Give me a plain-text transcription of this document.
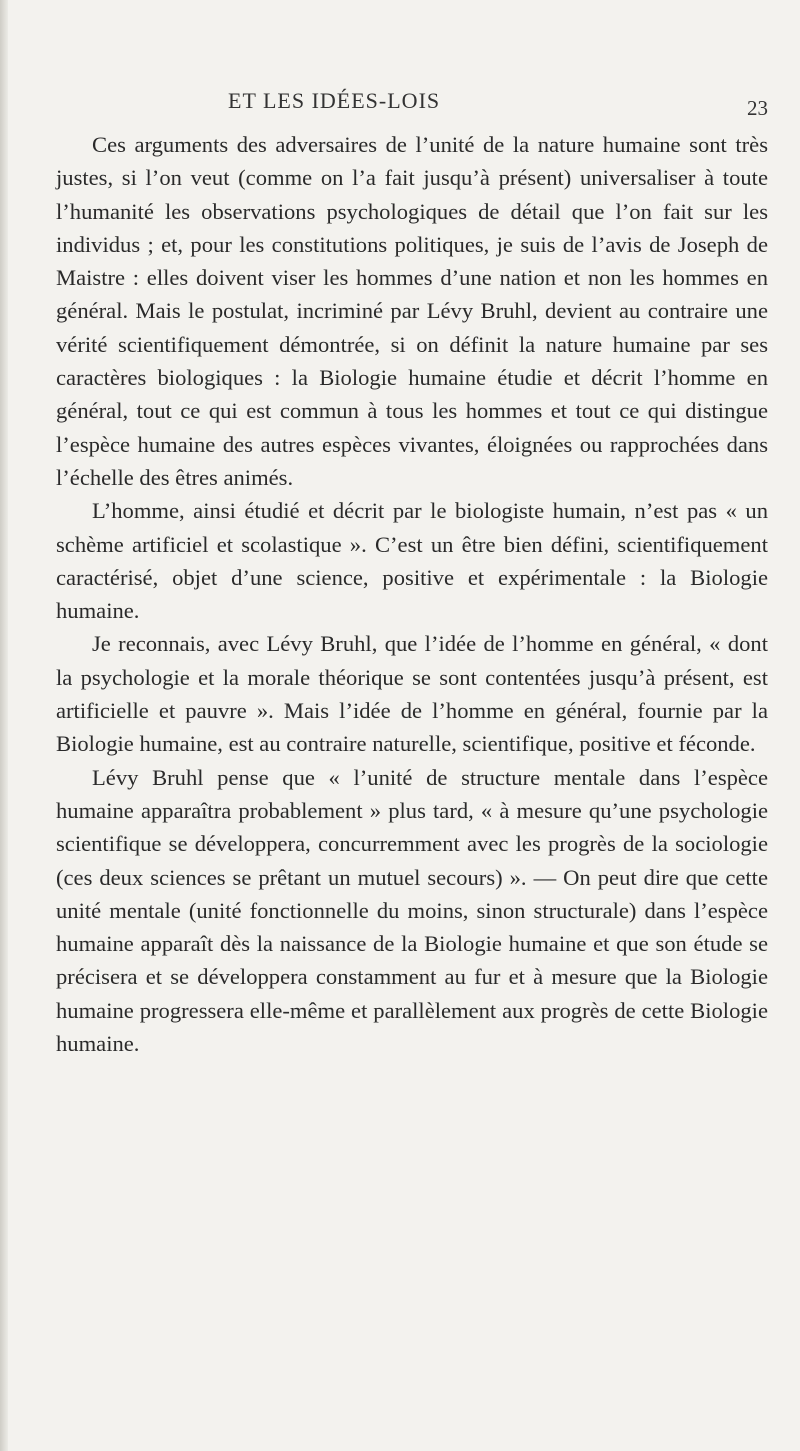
ET LES IDÉES-LOIS	23

Ces arguments des adversaires de l’unité de la nature humaine sont très justes, si l’on veut (comme on l’a fait jusqu’à présent) universaliser à toute l’humanité les observations psychologiques de détail que l’on fait sur les individus ; et, pour les constitutions politiques, je suis de l’avis de Joseph de Maistre : elles doivent viser les hommes d’une nation et non les hommes en général. Mais le postulat, incriminé par Lévy Bruhl, devient au contraire une vérité scientifiquement démontrée, si on définit la nature humaine par ses caractères biologiques : la Biologie humaine étudie et décrit l’homme en général, tout ce qui est commun à tous les hommes et tout ce qui distingue l’espèce humaine des autres espèces vivantes, éloignées ou rapprochées dans l’échelle des êtres animés.

L’homme, ainsi étudié et décrit par le biologiste humain, n’est pas « un schème artificiel et scolastique ». C’est un être bien défini, scientifiquement caractérisé, objet d’une science, positive et expérimentale : la Biologie humaine.

Je reconnais, avec Lévy Bruhl, que l’idée de l’homme en général, « dont la psychologie et la morale théorique se sont contentées jusqu’à présent, est artificielle et pauvre ». Mais l’idée de l’homme en général, fournie par la Biologie humaine, est au contraire naturelle, scientifique, positive et féconde.

Lévy Bruhl pense que « l’unité de structure mentale dans l’espèce humaine apparaîtra probablement » plus tard, « à mesure qu’une psychologie scientifique se développera, concurremment avec les progrès de la sociologie (ces deux sciences se prêtant un mutuel secours) ». — On peut dire que cette unité mentale (unité fonctionnelle du moins, sinon structurale) dans l’espèce humaine apparaît dès la naissance de la Biologie humaine et que son étude se précisera et se développera constamment au fur et à mesure que la Biologie humaine progressera elle-même et parallèlement aux progrès de cette Biologie humaine.
